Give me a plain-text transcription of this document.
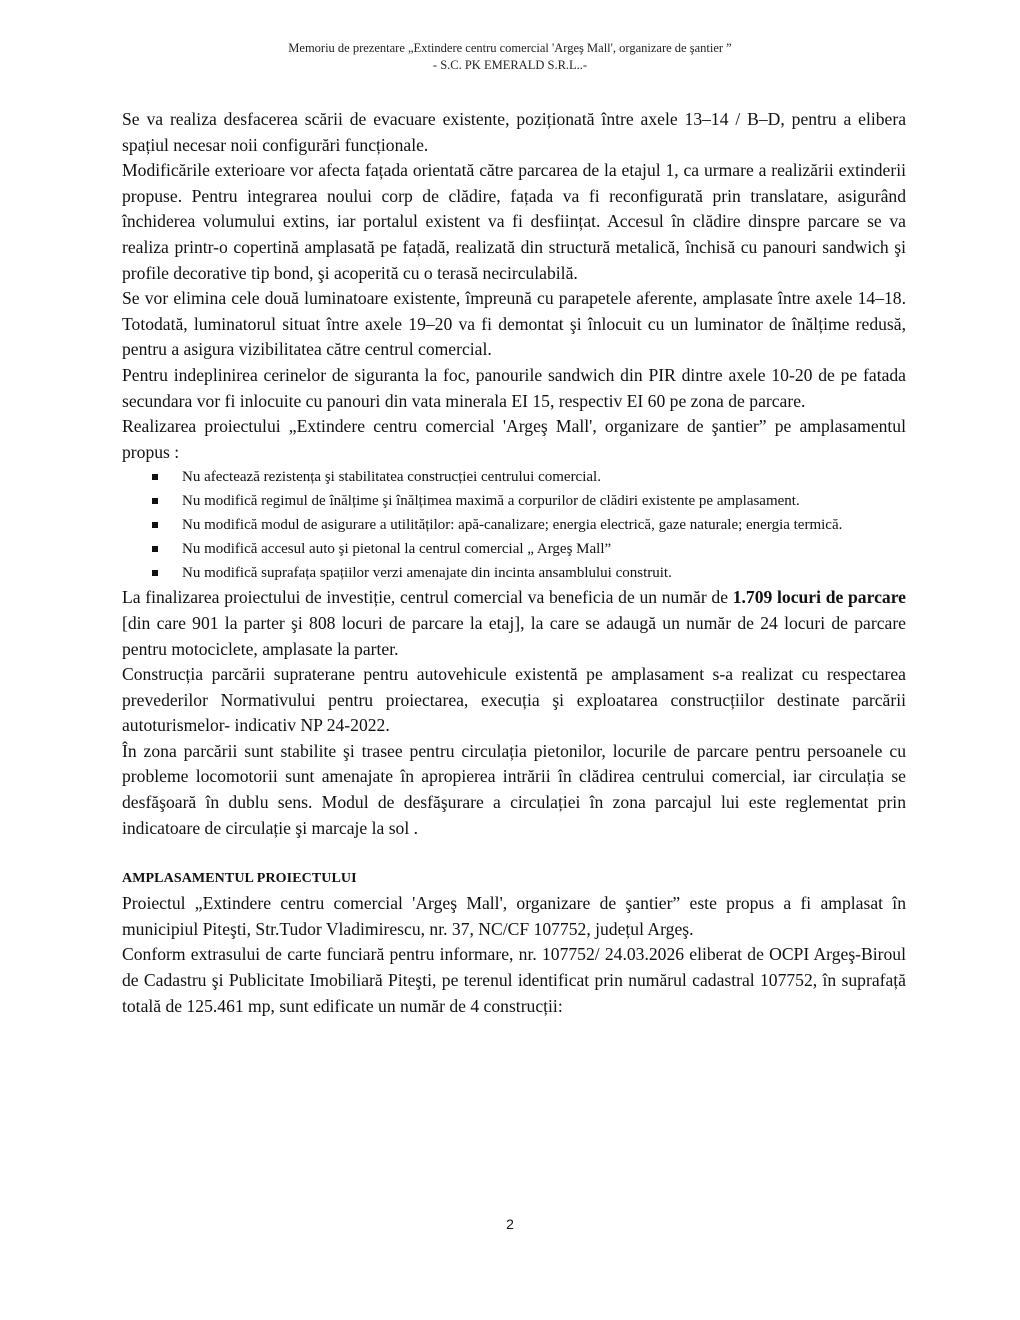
Memoriu de prezentare „Extindere centru comercial 'Argeş Mall', organizare de şantier ”
- S.C. PK EMERALD S.R.L..-

Se va realiza desfacerea scării de evacuare existente, poziționată între axele 13–14 / B–D, pentru a elibera spațiul necesar noii configurări funcționale.

Modificările exterioare vor afecta fațada orientată către parcarea de la etajul 1, ca urmare a realizării extinderii propuse. Pentru integrarea noului corp de clădire, fațada va fi reconfigurată prin translatare, asigurând închiderea volumului extins, iar portalul existent va fi desființat. Accesul în clădire dinspre parcare se va realiza printr-o copertină amplasată pe fațadă, realizată din structură metalică, închisă cu panouri sandwich şi profile decorative tip bond, şi acoperită cu o terasă necirculabilă.

Se vor elimina cele două luminatoare existente, împreună cu parapetele aferente, amplasate între axele 14–18. Totodată, luminatorul situat între axele 19–20 va fi demontat şi înlocuit cu un luminator de înălțime redusă, pentru a asigura vizibilitatea către centrul comercial.

Pentru indeplinirea cerinelor de siguranta la foc, panourile sandwich din PIR dintre axele 10-20 de pe fatada secundara vor fi inlocuite cu panouri din vata minerala EI 15, respectiv EI 60 pe zona de parcare.

Realizarea proiectului „Extindere centru comercial 'Argeş Mall', organizare de şantier” pe amplasamentul propus :

Nu afectează rezistența şi stabilitatea construcției centrului comercial.
Nu modifică regimul de înălțime şi înălțimea maximă a corpurilor de clădiri existente pe amplasament.
Nu modifică modul de asigurare a utilităților: apă-canalizare; energia electrică, gaze naturale; energia termică.
Nu modifică accesul auto şi pietonal la centrul comercial „ Argeş Mall”
Nu modifică suprafața spațiilor verzi amenajate din incinta ansamblului construit.

La finalizarea proiectului de investiție, centrul comercial va beneficia de un număr de 1.709 locuri de parcare [din care 901 la parter şi 808 locuri de parcare la etaj], la care se adaugă un număr de 24 locuri de parcare pentru motociclete, amplasate la parter.

Construcția parcării supraterane pentru autovehicule existentă pe amplasament s-a realizat cu respectarea prevederilor Normativului pentru proiectarea, execuția şi exploatarea construcțiilor destinate parcării autoturismelor- indicativ NP 24-2022.

În zona parcării sunt stabilite şi trasee pentru circulația pietonilor, locurile de parcare pentru persoanele cu probleme locomotorii sunt amenajate în apropierea intrării în clădirea centrului comercial, iar circulația se desfăşoară în dublu sens. Modul de desfăşurare a circulației în zona parcajul lui este reglementat prin indicatoare de circulație şi marcaje la sol .

AMPLASAMENTUL PROIECTULUI

Proiectul „Extindere centru comercial 'Argeş Mall', organizare de şantier” este propus a fi amplasat în municipiul Piteşti, Str.Tudor Vladimirescu, nr. 37, NC/CF 107752, județul Argeş.

Conform extrasului de carte funciară pentru informare, nr. 107752/ 24.03.2026 eliberat de OCPI Argeş-Biroul de Cadastru şi Publicitate Imobiliară Piteşti, pe terenul identificat prin numărul cadastral 107752, în suprafață totală de 125.461 mp, sunt edificate un număr de 4 construcții:

2
